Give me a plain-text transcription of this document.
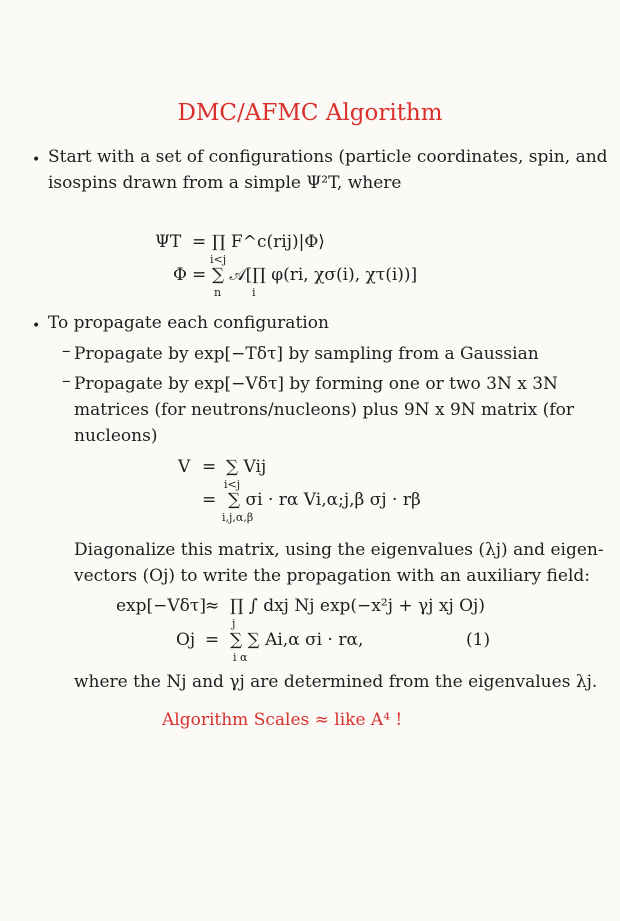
DMC/AFMC Algorithm
• Start with a set of configurations (particle coordinates, spin, and
isospins drawn from a simple Ψ²T, where
ΨT = ∏ F^c(rij)|Φ⟩
i<j
Φ = ∑ 𝒜[∏ φ(ri, χσ(i), χτ(i))]
n	i
• To propagate each configuration
– Propagate by exp[−Tδτ] by sampling from a Gaussian
– Propagate by exp[−Vδτ] by forming one or two 3N x 3N
matrices (for neutrons/nucleons) plus 9N x 9N matrix (for
nucleons)
V = ∑ Vij
i<j
= ∑ σi · rα Vi,α;j,β σj · rβ
i,j,α,β
Diagonalize this matrix, using the eigenvalues (λj) and eigen-
vectors (Oj) to write the propagation with an auxiliary field:
exp[−Vδτ] ≈ ∏ ∫ dxj Nj exp(−x²j + γj xj Oj)
j
Oj = ∑ ∑ Ai,α σi · rα,
i α
(1)
where the Nj and γj are determined from the eigenvalues λj.
Algorithm Scales ≈ like A⁴ !
